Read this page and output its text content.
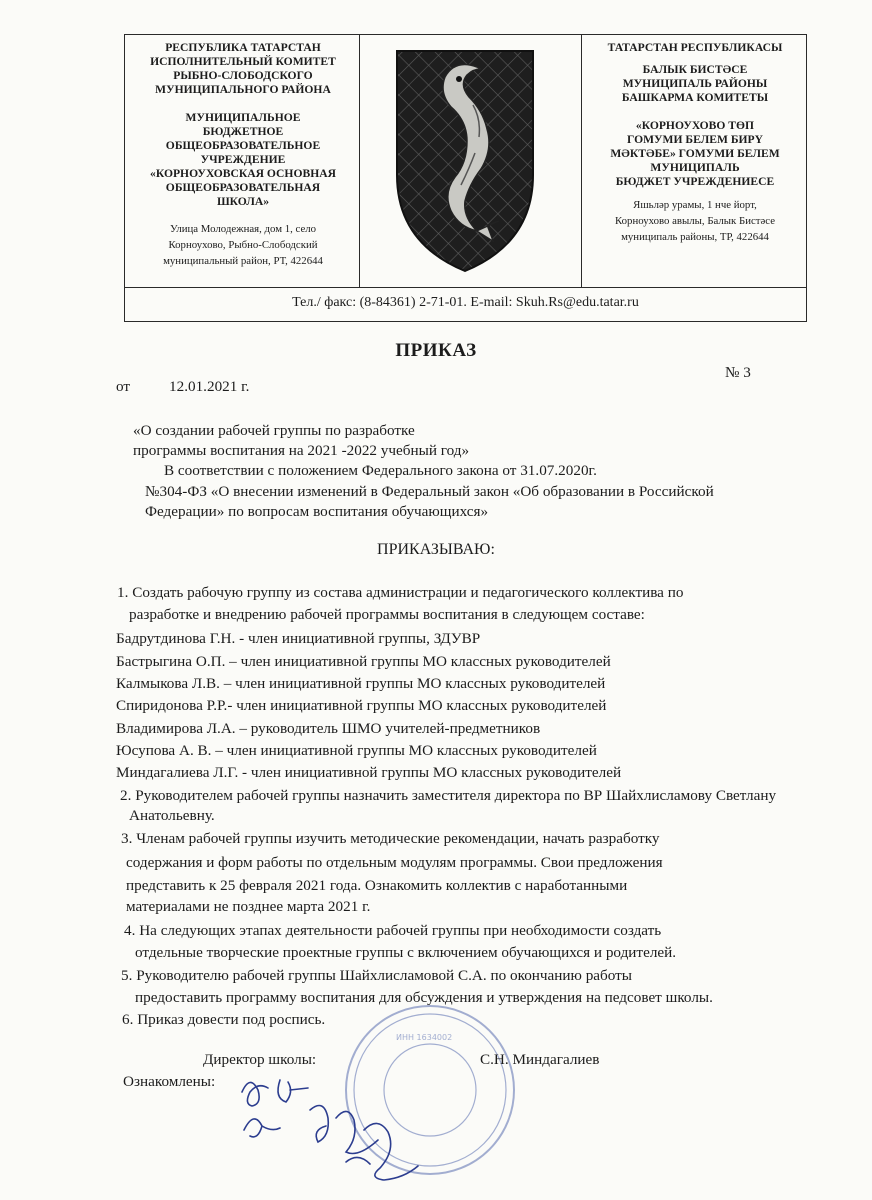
РЕСПУБЛИКА ТАТАРСТАН
ИСПОЛНИТЕЛЬНЫЙ КОМИТЕТ
РЫБНО-СЛОБОДСКОГО
МУНИЦИПАЛЬНОГО РАЙОНА
МУНИЦИПАЛЬНОЕ
БЮДЖЕТНОЕ
ОБЩЕОБРАЗОВАТЕЛЬНОЕ
УЧРЕЖДЕНИЕ
«КОРНОУХОВСКАЯ ОСНОВНАЯ
ОБЩЕОБРАЗОВАТЕЛЬНАЯ
ШКОЛА»
Улица Молодежная, дом 1, село
Корноухово, Рыбно-Слободский
муниципальный район, РТ, 422644
ТАТАРСТАН РЕСПУБЛИКАСЫ
БАЛЫК БИСТӘСЕ
МУНИЦИПАЛЬ РАЙОНЫ
БАШКАРМА КОМИТЕТЫ
«КОРНОУХОВО ТӨП
ГОМУМИ БЕЛЕМ БИРҮ
МӘКТӘБЕ» ГОМУМИ БЕЛЕМ
МУНИЦИПАЛЬ
БЮДЖЕТ УЧРЕЖДЕНИЕСЕ
Яшьләр урамы, 1 нче йорт,
Корноухово авылы, Балык Бистәсе
муниципаль районы, ТР, 422644
Тел./ факс: (8-84361) 2-71-01. E-mail: Skuh.Rs@edu.tatar.ru
ПРИКАЗ
от	12.01.2021 г.
№ 3
«О создании рабочей группы по разработке
программы воспитания на 2021 -2022 учебный год»
В соответствии с положением Федерального закона от 31.07.2020г.
№304-ФЗ «О внесении изменений в Федеральный закон «Об образовании в Российской
Федерации» по вопросам воспитания обучающихся»
ПРИКАЗЫВАЮ:
1. Создать рабочую группу из состава администрации и педагогического коллектива по
разработке и внедрению рабочей программы воспитания в следующем составе:
Бадрутдинова Г.Н. - член инициативной группы, ЗДУВР
Бастрыгина О.П. – член инициативной группы МО классных руководителей
Калмыкова Л.В. – член инициативной группы МО классных руководителей
Спиридонова Р.Р.- член инициативной группы МО классных руководителей
Владимирова Л.А. – руководитель ШМО учителей-предметников
Юсупова А. В. – член инициативной группы МО классных руководителей
Миндагалиева Л.Г. - член инициативной группы МО классных руководителей
2. Руководителем рабочей группы назначить заместителя директора по ВР Шайхлисламову Светлану
Анатольевну.
3. Членам рабочей группы изучить методические рекомендации, начать разработку
содержания и форм работы по отдельным модулям программы. Свои предложения
представить к 25 февраля 2021 года. Ознакомить коллектив с наработанными
материалами не позднее марта 2021 г.
4. На следующих этапах деятельности рабочей группы при необходимости создать
отдельные творческие проектные группы с включением обучающихся и родителей.
5. Руководителю рабочей группы Шайхлисламовой С.А. по окончанию работы
предоставить программу воспитания для обсуждения и утверждения на педсовет школы.
6. Приказ довести под роспись.
ИНН 1634002
Директор школы:	С.Н. Миндагалиев
Ознакомлены:
